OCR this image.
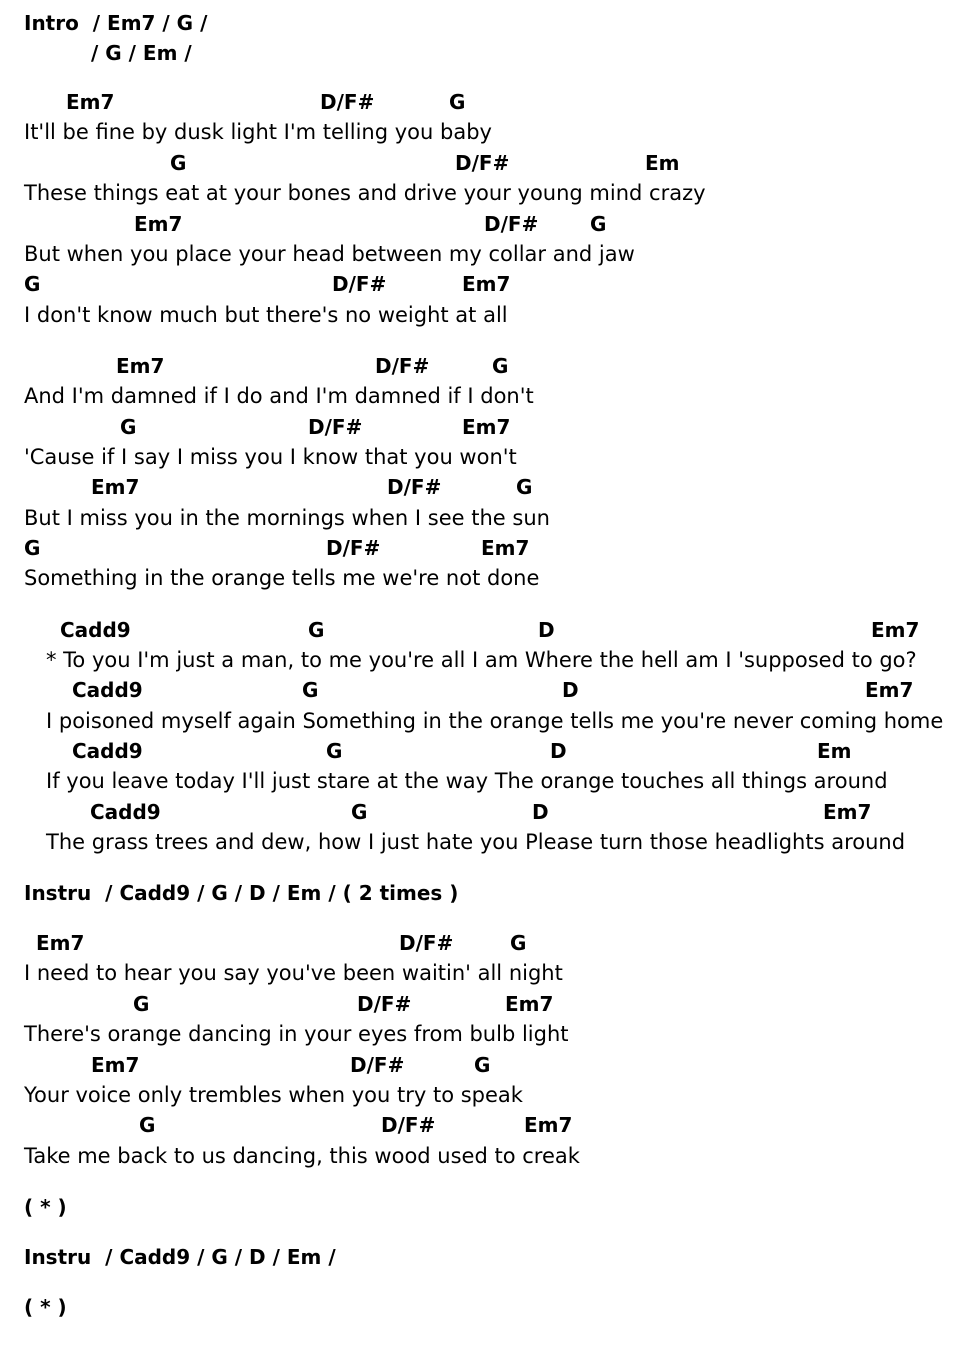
Intro  / Em7 / G /
/ G / Em /
Em7	D/F#	G
It'll be fine by dusk light I'm telling you baby
G	D/F#	Em
These things eat at your bones and drive your young mind crazy
Em7	D/F#	G
But when you place your head between my collar and jaw
G	D/F#	Em7
I don't know much but there's no weight at all
Em7	D/F#	G
And I'm damned if I do and I'm damned if I don't
G	D/F#	Em7
'Cause if I say I miss you I know that you won't
Em7	D/F#	G
But I miss you in the mornings when I see the sun
G	D/F#	Em7
Something in the orange tells me we're not done
Cadd9	G	D	Em7
* To you I'm just a man, to me you're all I am Where the hell am I 'supposed to go?
Cadd9	G	D	Em7
I poisoned myself again Something in the orange tells me you're never coming home
Cadd9	G	D	Em
If you leave today I'll just stare at the way The orange touches all things around
Cadd9	G	D	Em7
The grass trees and dew, how I just hate you Please turn those headlights around
Instru  / Cadd9 / G / D / Em / ( 2 times )
Em7	D/F#	G
I need to hear you say you've been waitin' all night
G	D/F#	Em7
There's orange dancing in your eyes from bulb light
Em7	D/F#	G
Your voice only trembles when you try to speak
G	D/F#	Em7
Take me back to us dancing, this wood used to creak
( * )
Instru  / Cadd9 / G / D / Em /
( * )
